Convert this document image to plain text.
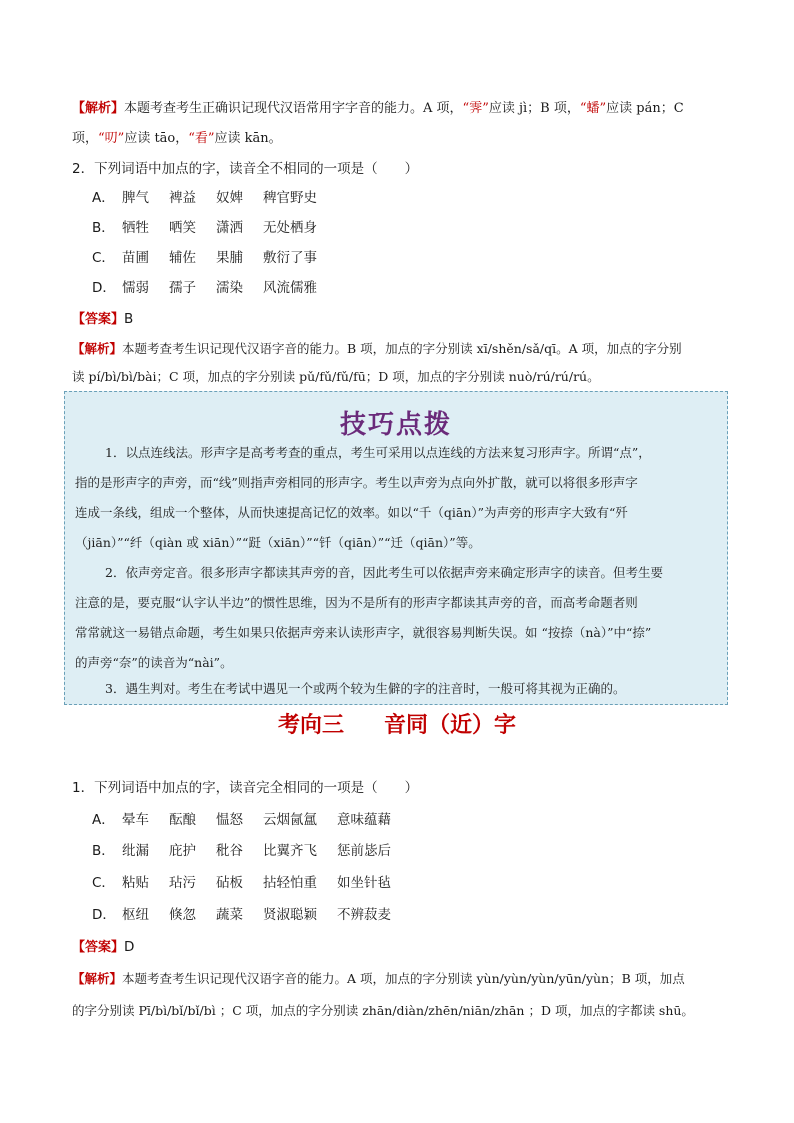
【解析】本题考查考生正确识记现代汉语常用字字音的能力。A 项，“霁”应读 jì；B 项，“蟠”应读 pán；C
项，“叨”应读 tāo，“看”应读 kān。
2．下列词语中加点的字，读音全不相同的一项是（　　）
A． 脾气 裨益 奴婢 稗官野史
B． 牺牲 哂笑 潇洒 无处栖身
C． 苗圃 辅佐 果脯 敷衍了事
D． 懦弱 孺子 濡染 风流儒雅
【答案】B
【解析】本题考查考生识记现代汉语字音的能力。B 项，加点的字分别读 xī/shěn/sǎ/qī。A 项，加点的字分别
读 pí/bì/bì/bài；C 项，加点的字分别读 pǔ/fǔ/fǔ/fū；D 项，加点的字分别读 nuò/rú/rú/rú。
技巧点拨
1．以点连线法。形声字是高考考查的重点，考生可采用以点连线的方法来复习形声字。所谓“点”，
指的是形声字的声旁，而“线”则指声旁相同的形声字。考生以声旁为点向外扩散，就可以将很多形声字
连成一条线，组成一个整体，从而快速提高记忆的效率。如以“千（qiān）”为声旁的形声字大致有“歼
（jiān）”“纤（qiàn 或 xiān）”“跹（xiān）”“钎（qiān）”“迁（qiān）”等。
2．依声旁定音。很多形声字都读其声旁的音，因此考生可以依据声旁来确定形声字的读音。但考生要
注意的是，要克服“认字认半边”的惯性思维，因为不是所有的形声字都读其声旁的音，而高考命题者则
常常就这一易错点命题，考生如果只依据声旁来认读形声字，就很容易判断失误。如 “按捺（nà）”中“捺”
的声旁“奈”的读音为“nài”。
3．遇生判对。考生在考试中遇见一个或两个较为生僻的字的注音时，一般可将其视为正确的。
考向三 音同（近）字
1．下列词语中加点的字，读音完全相同的一项是（　　）
A． 晕车 酝酿 愠怒 云烟氤氲 意味蕴藉
B． 纰漏 庇护 秕谷 比翼齐飞 惩前毖后
C． 粘贴 玷污 砧板 拈轻怕重 如坐针毡
D． 枢纽 倏忽 蔬菜 贤淑聪颖 不辨菽麦
【答案】D
【解析】本题考查考生识记现代汉语字音的能力。A 项，加点的字分别读 yùn/yùn/yùn/yūn/yùn；B 项，加点
的字分别读 Pī/bì/bǐ/bǐ/bì ；C 项，加点的字分别读 zhān/diàn/zhēn/niān/zhān ；D 项，加点的字都读 shū。
